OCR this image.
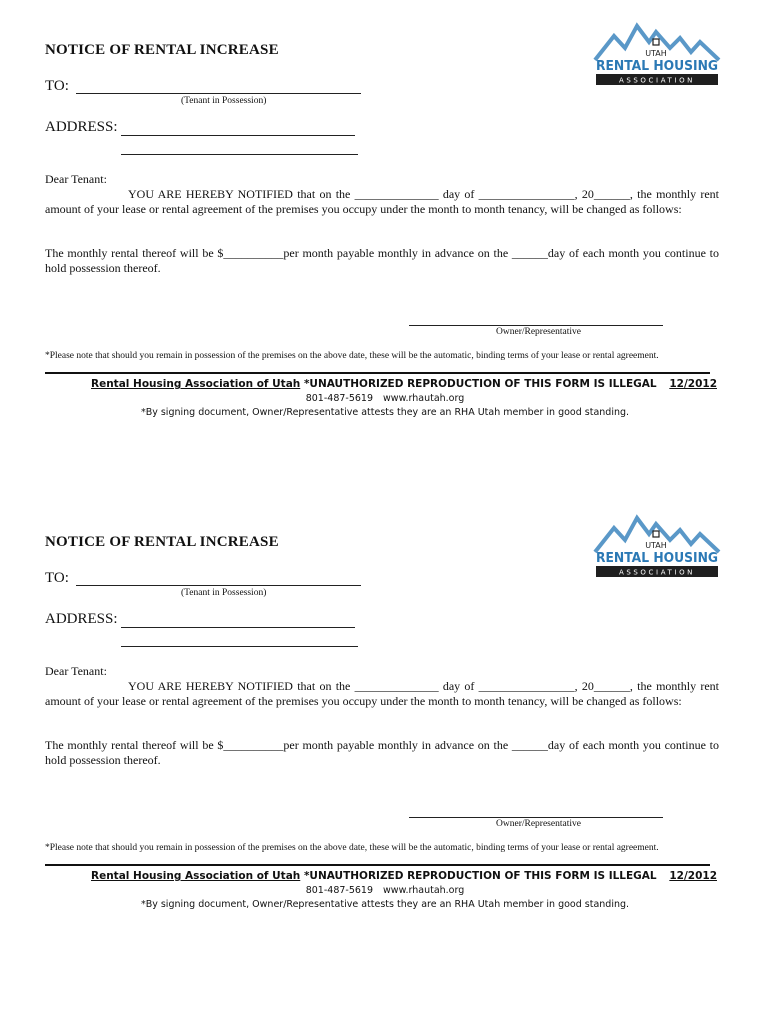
NOTICE OF RENTAL INCREASE	UTAH
RENTAL HOUSING
ASSOCIATION
TO:
(Tenant in Possession)
ADDRESS:
Dear Tenant:
YOU ARE HEREBY NOTIFIED that on the ______________ day of ________________, 20______, the monthly rent amount of your lease or rental agreement of the premises you occupy under the month to month tenancy, will be changed as follows:
The monthly rental thereof will be $__________per month payable monthly in advance on the ______day of each month you continue to hold possession thereof.
Owner/Representative
*Please note that should you remain in possession of the premises on the above date, these will be the automatic, binding terms of your lease or rental agreement.
Rental Housing Association of Utah *UNAUTHORIZED REPRODUCTION OF THIS FORM IS ILLEGAL 12/2012
801-487-5619 www.rhautah.org
*By signing document, Owner/Representative attests they are an RHA Utah member in good standing.
NOTICE OF RENTAL INCREASE	UTAH
RENTAL HOUSING
ASSOCIATION
TO:
(Tenant in Possession)
ADDRESS:
Dear Tenant:
YOU ARE HEREBY NOTIFIED that on the ______________ day of ________________, 20______, the monthly rent amount of your lease or rental agreement of the premises you occupy under the month to month tenancy, will be changed as follows:
The monthly rental thereof will be $__________per month payable monthly in advance on the ______day of each month you continue to hold possession thereof.
Owner/Representative
*Please note that should you remain in possession of the premises on the above date, these will be the automatic, binding terms of your lease or rental agreement.
Rental Housing Association of Utah *UNAUTHORIZED REPRODUCTION OF THIS FORM IS ILLEGAL 12/2012
801-487-5619 www.rhautah.org
*By signing document, Owner/Representative attests they are an RHA Utah member in good standing.
